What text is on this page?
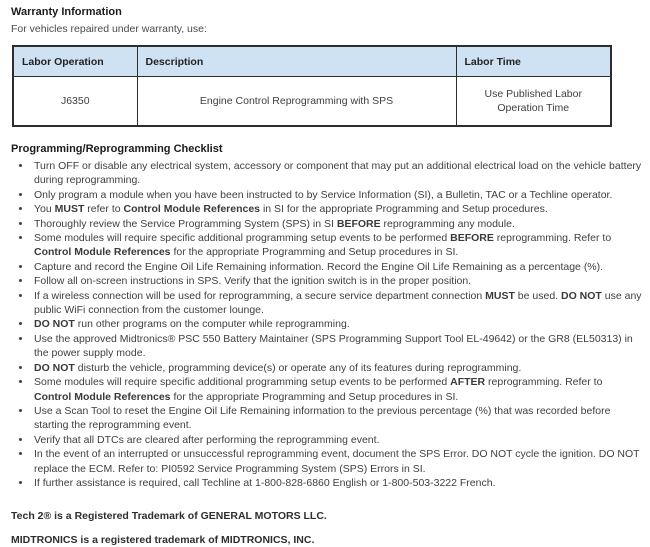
Warranty Information

For vehicles repaired under warranty, use:

Labor Operation	Description	Labor Time
J6350	Engine Control Reprogramming with SPS	Use Published Labor Operation Time
Programming/Reprogramming Checklist
• Turn OFF or disable any electrical system, accessory or component that may put an additional electrical load on the vehicle battery during reprogramming.
• Only program a module when you have been instructed to by Service Information (SI), a Bulletin, TAC or a Techline operator.
• You MUST refer to Control Module References in SI for the appropriate Programming and Setup procedures.
• Thoroughly review the Service Programming System (SPS) in SI BEFORE reprogramming any module.
• Some modules will require specific additional programming setup events to be performed BEFORE reprogramming. Refer to Control Module References for the appropriate Programming and Setup procedures in SI.
• Capture and record the Engine Oil Life Remaining information. Record the Engine Oil Life Remaining as a percentage (%).
• Follow all on-screen instructions in SPS. Verify that the ignition switch is in the proper position.
• If a wireless connection will be used for reprogramming, a secure service department connection MUST be used. DO NOT use any public WiFi connection from the customer lounge.
• DO NOT run other programs on the computer while reprogramming.
• Use the approved Midtronics® PSC 550 Battery Maintainer (SPS Programming Support Tool EL-49642) or the GR8 (EL50313) in the power supply mode.
• DO NOT disturb the vehicle, programming device(s) or operate any of its features during reprogramming.
• Some modules will require specific additional programming setup events to be performed AFTER reprogramming. Refer to Control Module References for the appropriate Programming and Setup procedures in SI.
• Use a Scan Tool to reset the Engine Oil Life Remaining information to the previous percentage (%) that was recorded before starting the reprogramming event.
• Verify that all DTCs are cleared after performing the reprogramming event.
• In the event of an interrupted or unsuccessful reprogramming event, document the SPS Error. DO NOT cycle the ignition. DO NOT replace the ECM. Refer to: PI0592 Service Programming System (SPS) Errors in SI.
• If further assistance is required, call Techline at 1-800-828-6860 English or 1-800-503-3222 French.

Tech 2® is a Registered Trademark of GENERAL MOTORS LLC.

MIDTRONICS is a registered trademark of MIDTRONICS, INC.
